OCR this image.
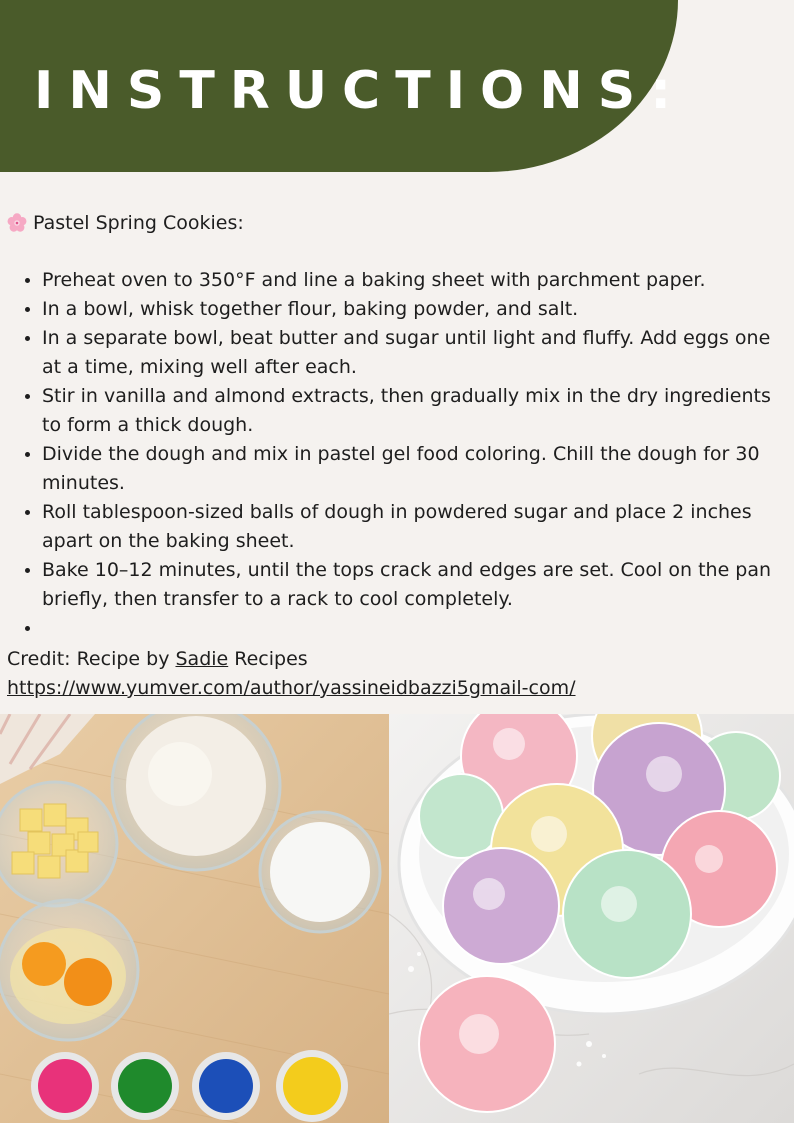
INSTRUCTIONS:
Pastel Spring Cookies:
• Preheat oven to 350°F and line a baking sheet with parchment paper.
• In a bowl, whisk together flour, baking powder, and salt.
• In a separate bowl, beat butter and sugar until light and fluffy. Add eggs one at a time, mixing well after each.
• Stir in vanilla and almond extracts, then gradually mix in the dry ingredients to form a thick dough.
• Divide the dough and mix in pastel gel food coloring. Chill the dough for 30 minutes.
• Roll tablespoon-sized balls of dough in powdered sugar and place 2 inches apart on the baking sheet.
• Bake 10–12 minutes, until the tops crack and edges are set. Cool on the pan briefly, then transfer to a rack to cool completely.
•
Credit: Recipe by Sadie Recipes
https://www.yumver.com/author/yassineidbazzi5gmail-com/
